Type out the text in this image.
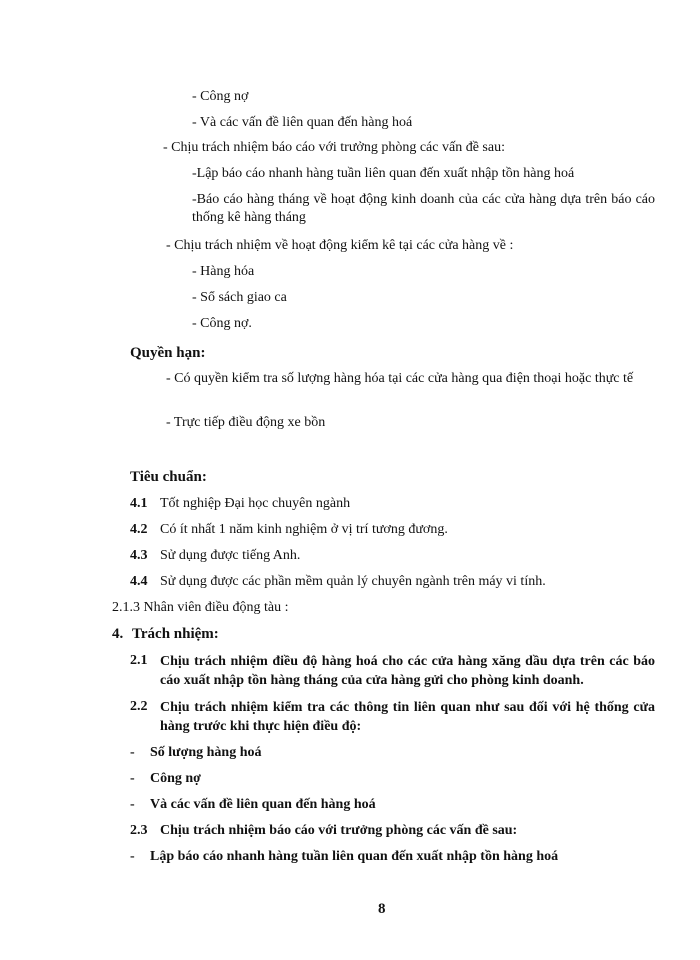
- Công nợ
- Và các vấn đề liên quan đến hàng hoá
- Chịu trách nhiệm báo cáo với trưởng phòng các vấn đề sau:
-Lập báo cáo nhanh hàng tuần liên quan đến xuất nhập tồn hàng hoá
-Báo cáo hàng tháng về hoạt động kinh doanh của các cửa hàng dựa trên báo cáo thống kê hàng tháng
- Chịu trách nhiệm về hoạt động kiểm kê tại các cửa hàng về :
- Hàng hóa
- Sổ sách giao ca
- Công nợ.
Quyền hạn:
- Có quyền kiểm tra số lượng hàng hóa tại các cửa hàng qua điện thoại hoặc thực tế
- Trực tiếp điều động xe bồn
Tiêu chuẩn:
4.1 Tốt nghiệp Đại học chuyên ngành
4.2 Có ít nhất 1 năm kinh nghiệm ở vị trí tương đương.
4.3 Sử dụng được tiếng Anh.
4.4 Sử dụng được các phần mềm quản lý chuyên ngành trên máy vi tính.
2.1.3 Nhân viên điều động tàu :
4. Trách nhiệm:
2.1 Chịu trách nhiệm điều độ hàng hoá cho các cửa hàng xăng dầu dựa trên các báo cáo xuất nhập tồn hàng tháng của cửa hàng gửi cho phòng kinh doanh.
2.2 Chịu trách nhiệm kiểm tra các thông tin liên quan như sau đối với hệ thống cửa hàng trước khi thực hiện điều độ:
- Số lượng hàng hoá
- Công nợ
- Và các vấn đề liên quan đến hàng hoá
2.3 Chịu trách nhiệm báo cáo với trưởng phòng các vấn đề sau:
- Lập báo cáo nhanh hàng tuần liên quan đến xuất nhập tồn hàng hoá
8
